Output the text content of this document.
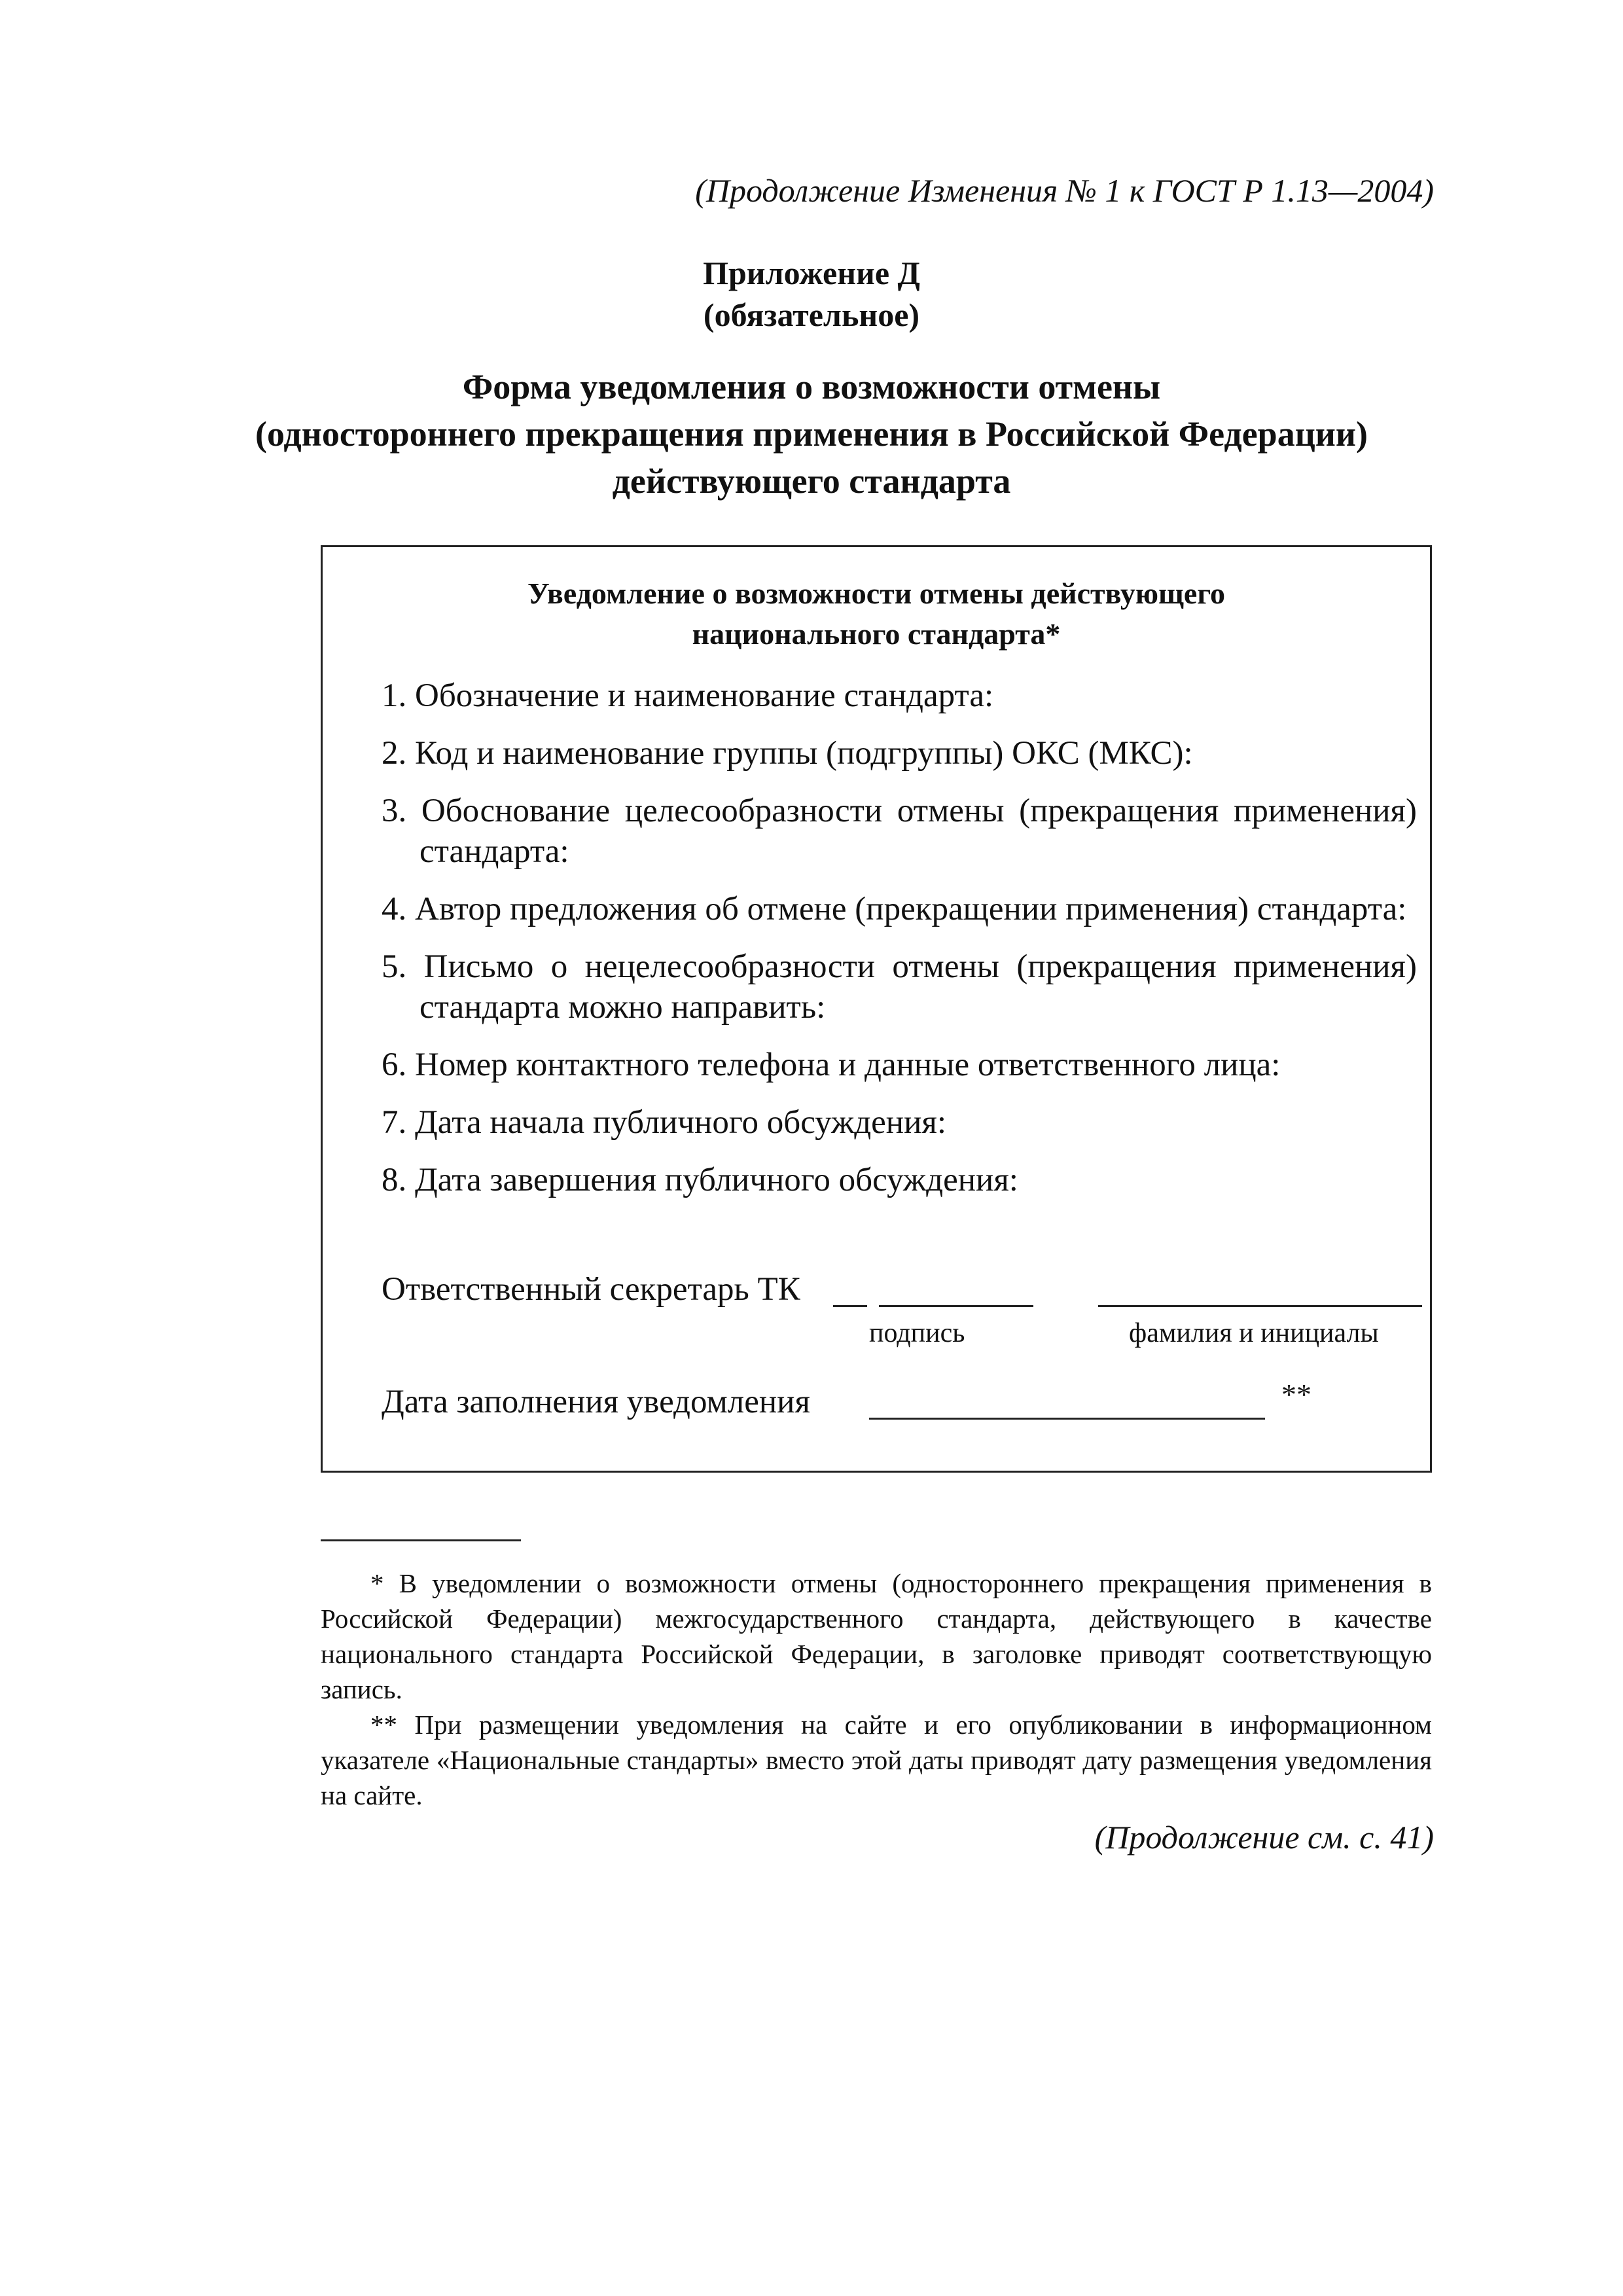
(Продолжение Изменения № 1 к ГОСТ Р 1.13—2004)
Приложение Д
(обязательное)
Форма уведомления о возможности отмены
(одностороннего прекращения применения в Российской Федерации)
действующего стандарта
Уведомление о возможности отмены действующего
национального стандарта*
1. Обозначение и наименование стандарта:
2. Код и наименование группы (подгруппы) ОКС (МКС):
3. Обоснование целесообразности отмены (прекращения применения) стандарта:
4. Автор предложения об отмене (прекращении применения) стандарта:
5. Письмо о нецелесообразности отмены (прекращения применения) стандарта можно направить:
6. Номер контактного телефона и данные ответственного лица:
7. Дата начала публичного обсуждения:
8. Дата завершения публичного обсуждения:
Ответственный секретарь ТК
подпись	фамилия и инициалы
Дата заполнения уведомления	**

* В уведомлении о возможности отмены (одностороннего прекращения применения в Российской Федерации) межгосударственного стандарта, действующего в качестве национального стандарта Российской Федерации, в заголовке приводят соответствующую запись.

** При размещении уведомления на сайте и его опубликовании в информационном указателе «Национальные стандарты» вместо этой даты приводят дату размещения уведомления на сайте.

(Продолжение см. с. 41)
